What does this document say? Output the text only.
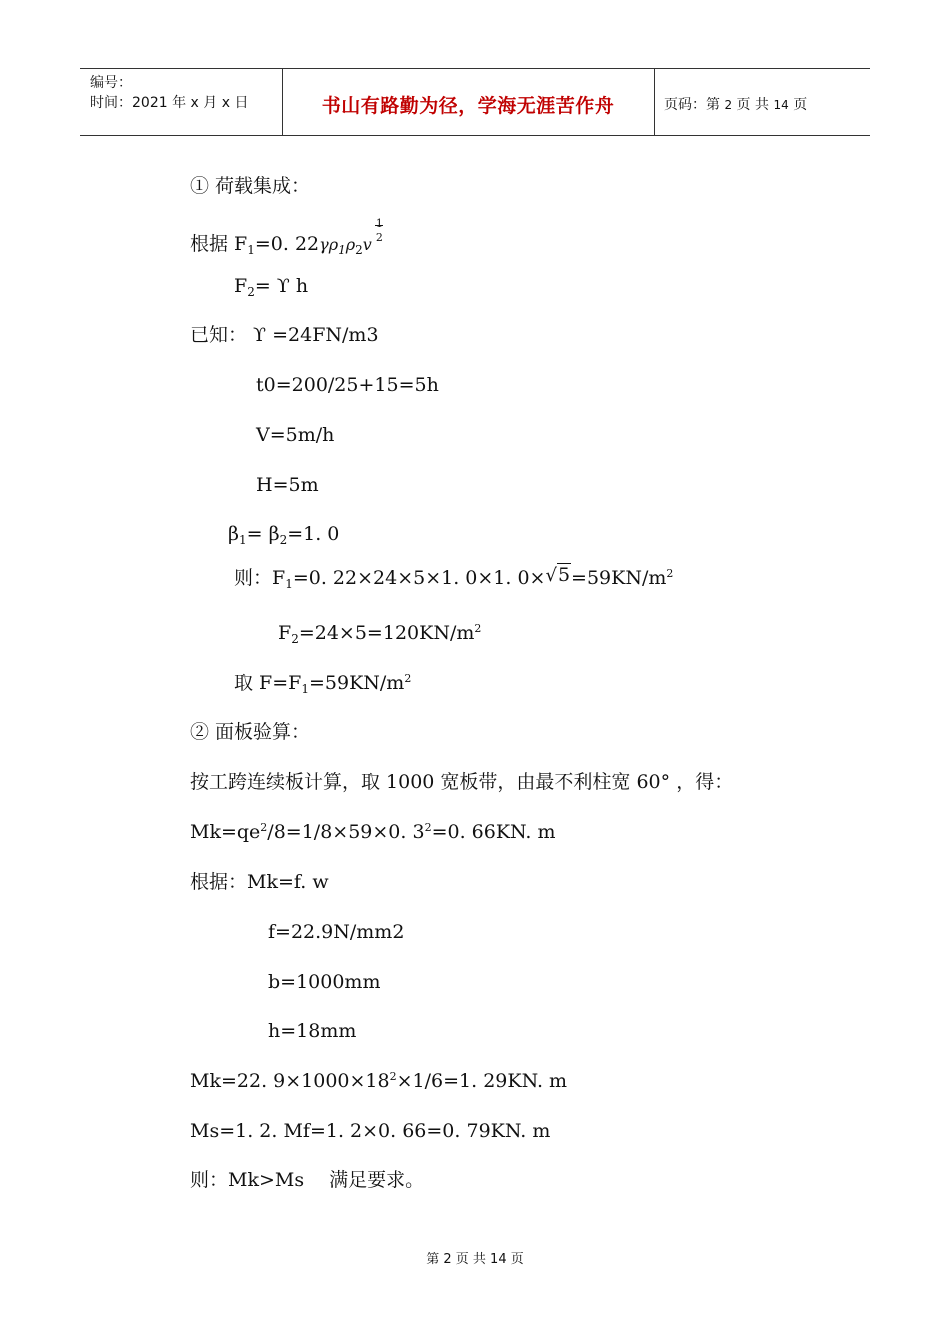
编号：
时间：2021 年 x 月 x 日	书山有路勤为径，学海无涯苦作舟	页码：第 2 页 共 14 页
① 荷载集成：
根据 $F_1=0$. $22\gamma\rho_1\rho_2v$
1
2
$F_2= ϒ$ h
已知： ϒ =24FN/m3
t0=200/25+15=5h
V=5m/h
H=5m
$\beta_1= \beta_2=1$. 0
则：$F_1=0$. 22×24×5×1. 0×1. $0\times√5=59KN/m^2$
$F_2=24\times 5=120KN/m^2$
取 $F=F_1=59KN/m^2$
② 面板验算：
按工跨连续板计算，取 1000 宽板带，由最不利柱宽 60° ，得：
$Mk=qe^2/8=1/8\times 59\times 0$. $3^2=0$. 66KN. m
根据：Mk=f. w
f=22.9N/mm2
b=1000mm
h=18mm
Mk=22. $9\times 1000\times 18^2\times 1/6=1$. 29KN. m
Ms=1. 2. Mf=1. 2×0. 66=0. 79KN. m
则：Mk>Ms　 满足要求。
第 2 页 共 14 页
